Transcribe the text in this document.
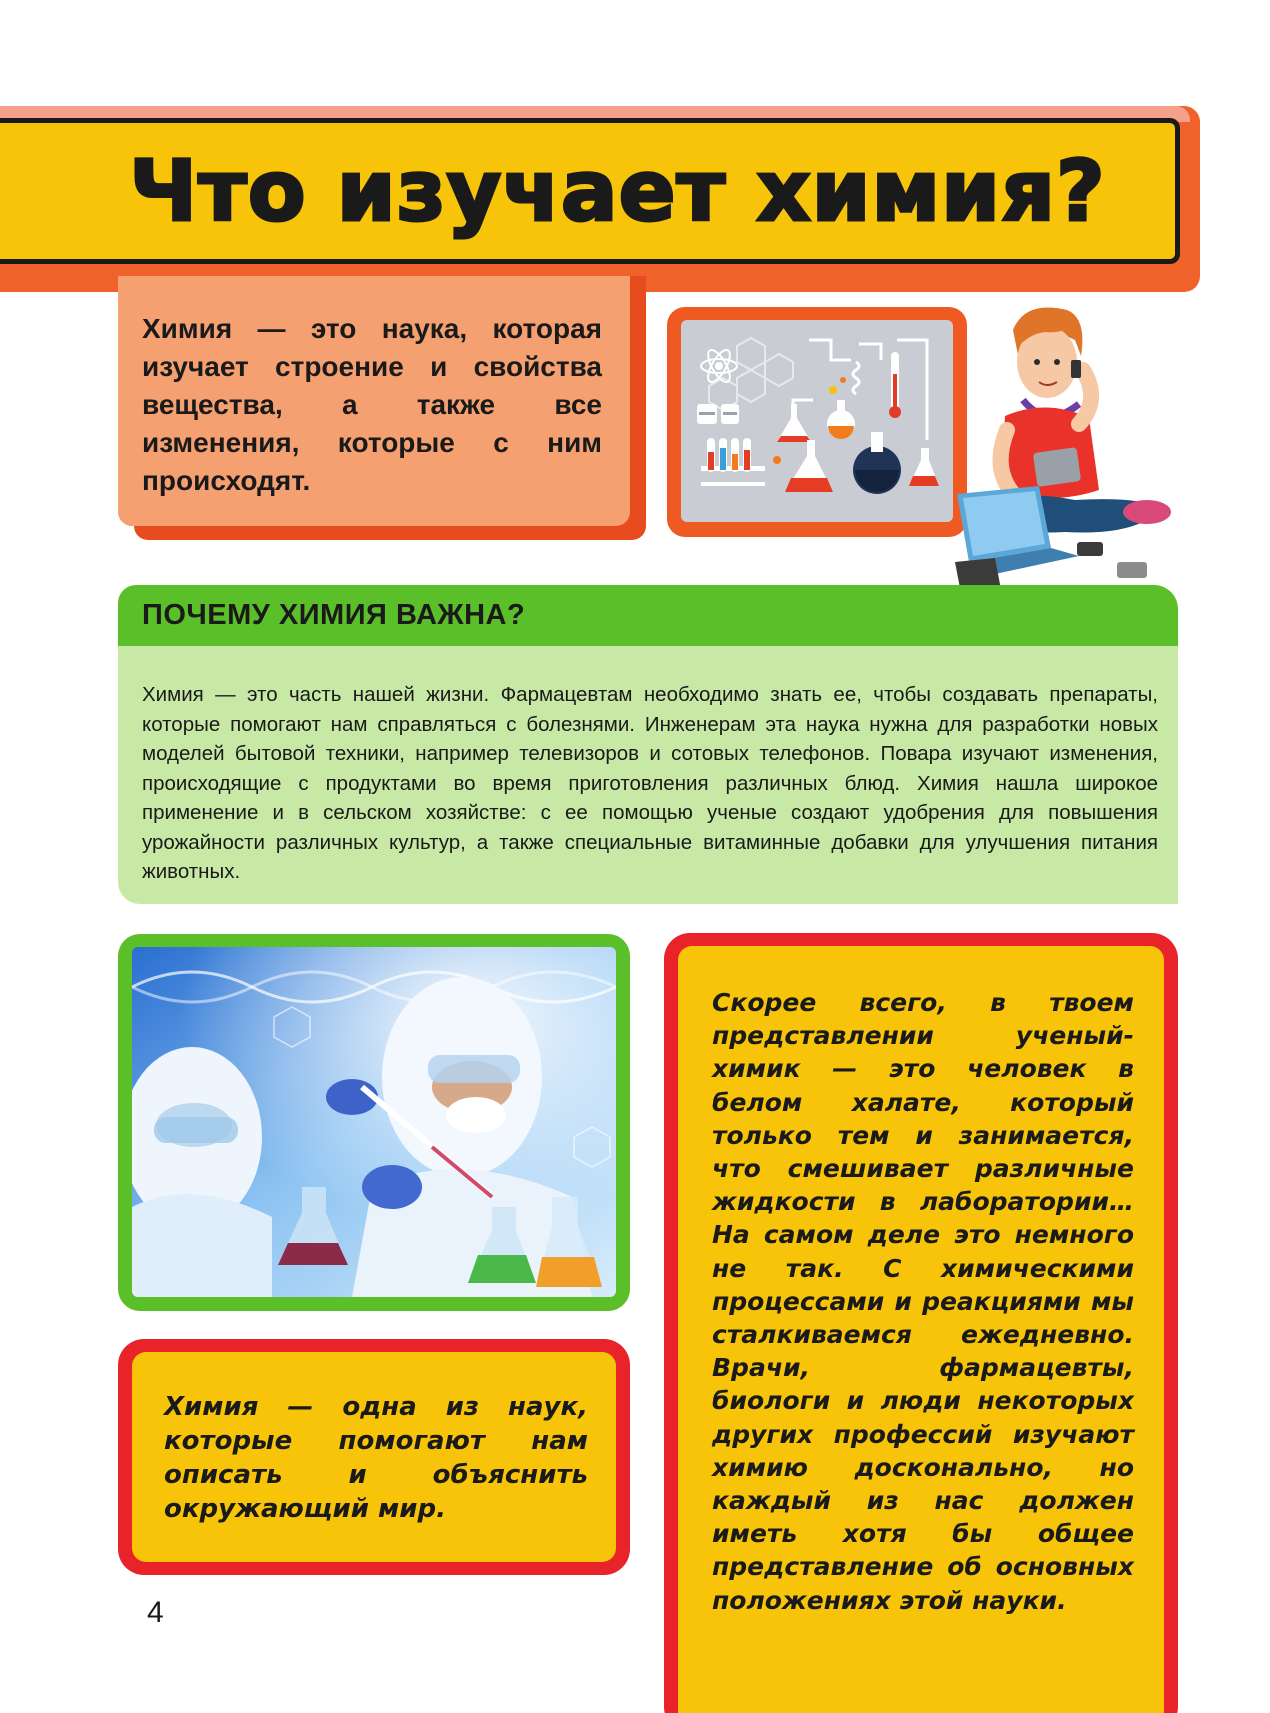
Что изучает химия?

Химия — это наука, которая изучает строение и свойства вещества, а также все изменения, которые с ним происходят.

ПОЧЕМУ ХИМИЯ ВАЖНА?

Химия — это часть нашей жизни. Фармацевтам необходимо знать ее, чтобы создавать препараты, которые помогают нам справляться с болезнями. Инженерам эта наука нужна для разработки новых моделей бытовой техники, например телевизоров и сотовых телефонов. Повара изучают изменения, происходящие с продуктами во время приготовления различных блюд. Химия нашла широкое применение и в сельском хозяйстве: с ее помощью ученые создают удобрения для повышения урожайности различных культур, а также специальные витаминные добавки для улучшения питания животных.

Химия — одна из наук, которые помогают нам описать и объяснить окружающий мир.

Скорее всего, в твоем представлении ученый-химик — это человек в белом халате, который только тем и занимается, что смешивает различные жидкости в лаборатории… На самом деле это немного не так. С химическими процессами и реакциями мы сталкиваемся ежедневно. Врачи, фармацевты, биологи и люди некоторых других профессий изучают химию досконально, но каждый из нас должен иметь хотя бы общее представление об основных положениях этой науки.

4
